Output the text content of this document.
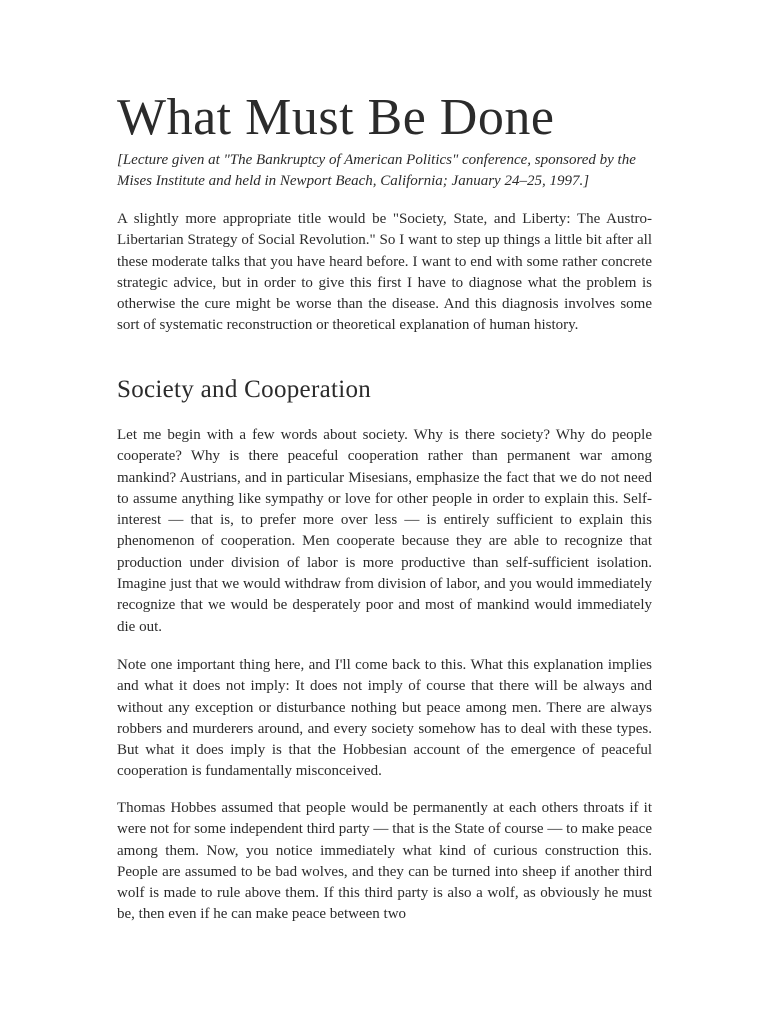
What Must Be Done

[Lecture given at "The Bankruptcy of American Politics" conference, sponsored by the Mises Institute and held in Newport Beach, California; January 24–25, 1997.]

A slightly more appropriate title would be "Society, State, and Liberty: The Austro-Libertarian Strategy of Social Revolution." So I want to step up things a little bit after all these moderate talks that you have heard before. I want to end with some rather concrete strategic advice, but in order to give this first I have to diagnose what the problem is otherwise the cure might be worse than the disease. And this diagnosis involves some sort of systematic reconstruction or theoretical explanation of human history.

Society and Cooperation

Let me begin with a few words about society. Why is there society? Why do people cooperate? Why is there peaceful cooperation rather than permanent war among mankind? Austrians, and in particular Misesians, emphasize the fact that we do not need to assume anything like sympathy or love for other people in order to explain this. Self-interest — that is, to prefer more over less — is entirely sufficient to explain this phenomenon of cooperation. Men cooperate because they are able to recognize that production under division of labor is more productive than self-sufficient isolation. Imagine just that we would withdraw from division of labor, and you would immediately recognize that we would be desperately poor and most of mankind would immediately die out.

Note one important thing here, and I'll come back to this. What this explanation implies and what it does not imply: It does not imply of course that there will be always and without any exception or disturbance nothing but peace among men. There are always robbers and murderers around, and every society somehow has to deal with these types. But what it does imply is that the Hobbesian account of the emergence of peaceful cooperation is fundamentally misconceived.

Thomas Hobbes assumed that people would be permanently at each others throats if it were not for some independent third party — that is the State of course — to make peace among them. Now, you notice immediately what kind of curious construction this. People are assumed to be bad wolves, and they can be turned into sheep if another third wolf is made to rule above them. If this third party is also a wolf, as obviously he must be, then even if he can make peace between two
